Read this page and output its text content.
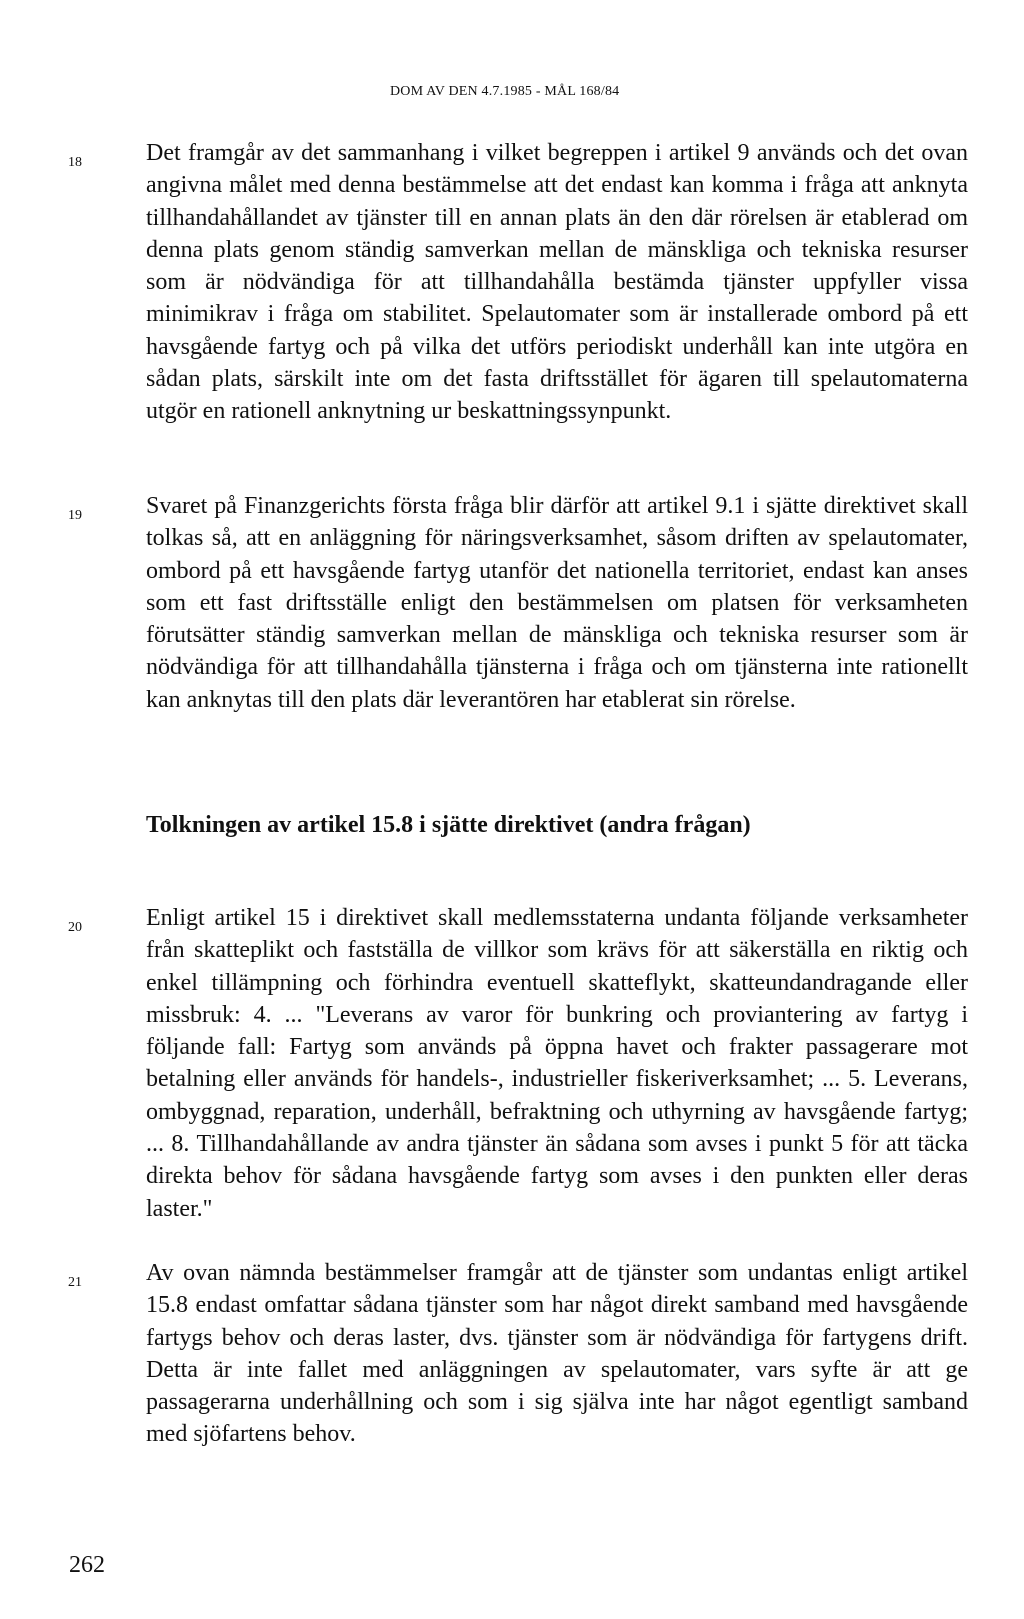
DOM AV DEN 4.7.1985 - MÅL 168/84
18	Det framgår av det sammanhang i vilket begreppen i artikel 9 används och det ovan angivna målet med denna bestämmelse att det endast kan komma i fråga att anknyta tillhandahållandet av tjänster till en annan plats än den där rörelsen är etablerad om denna plats genom ständig samverkan mellan de mänskliga och tekniska resurser som är nödvändiga för att tillhandahålla bestämda tjänster uppfyller vissa minimikrav i fråga om stabilitet. Spelautomater som är installerade ombord på ett havsgående fartyg och på vilka det utförs periodiskt underhåll kan inte utgöra en sådan plats, särskilt inte om det fasta driftsstället för ägaren till spelautomaterna utgör en rationell anknytning ur beskattningssynpunkt.
19	Svaret på Finanzgerichts första fråga blir därför att artikel 9.1 i sjätte direktivet skall tolkas så, att en anläggning för näringsverksamhet, såsom driften av spelautomater, ombord på ett havsgående fartyg utanför det nationella territoriet, endast kan anses som ett fast driftsställe enligt den bestämmelsen om platsen för verksamheten förutsätter ständig samverkan mellan de mänskliga och tekniska resurser som är nödvändiga för att tillhandahålla tjänsterna i fråga och om tjänsterna inte rationellt kan anknytas till den plats där leverantören har etablerat sin rörelse.
Tolkningen av artikel 15.8 i sjätte direktivet (andra frågan)
20	Enligt artikel 15 i direktivet skall medlemsstaterna undanta följande verksamheter från skatteplikt och fastställa de villkor som krävs för att säkerställa en riktig och enkel tillämpning och förhindra eventuell skatteflykt, skatteundandragande eller missbruk: 4. ... "Leverans av varor för bunkring och proviantering av fartyg i följande fall: Fartyg som används på öppna havet och frakter passagerare mot betalning eller används för handels-, industrieller fiskeriverksamhet; ... 5. Leverans, ombyggnad, reparation, underhåll, befraktning och uthyrning av havsgående fartyg; ... 8. Tillhandahållande av andra tjänster än sådana som avses i punkt 5 för att täcka direkta behov för sådana havsgående fartyg som avses i den punkten eller deras laster."
21	Av ovan nämnda bestämmelser framgår att de tjänster som undantas enligt artikel 15.8 endast omfattar sådana tjänster som har något direkt samband med havsgående fartygs behov och deras laster, dvs. tjänster som är nödvändiga för fartygens drift. Detta är inte fallet med anläggningen av spelautomater, vars syfte är att ge passagerarna underhållning och som i sig själva inte har något egentligt samband med sjöfartens behov.
262
